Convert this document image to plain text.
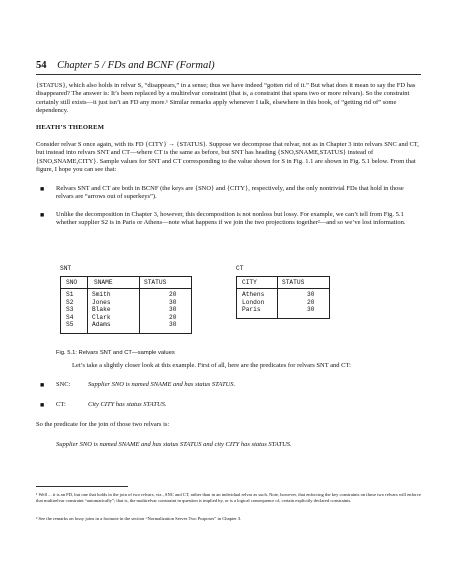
54 Chapter 5 / FDs and BCNF (Formal)
{STATUS}, which also holds in relvar S, “disappears,” in a sense; thus we have indeed “gotten rid of it.” But what does it mean to say the FD has disappeared? The answer is: It’s been replaced by a multirelvar constraint (that is, a constraint that spans two or more relvars). So the constraint certainly still exists—it just isn’t an FD any more.¹ Similar remarks apply whenever I talk, elsewhere in this book, of “getting rid of” some dependency.
HEATH’S THEOREM
Consider relvar S once again, with its FD {CITY} → {STATUS}. Suppose we decompose that relvar, not as in Chapter 3 into relvars SNC and CT, but instead into relvars SNT and CT—where CT is the same as before, but SNT has heading {SNO,SNAME,STATUS} instead of {SNO,SNAME,CITY}. Sample values for SNT and CT corresponding to the value shown for S in Fig. 1.1 are shown in Fig. 5.1 below. From that figure, I hope you can see that:
■ Relvars SNT and CT are both in BCNF (the keys are {SNO} and {CITY}, respectively, and the only nontrivial FDs that hold in those relvars are “arrows out of superkeys”).
■ Unlike the decomposition in Chapter 3, however, this decomposition is not nonloss but lossy. For example, we can’t tell from Fig. 5.1 whether supplier S2 is in Paris or Athens—note what happens if we join the two projections together²—and so we’ve lost information.
SNT
SNO	SNAME	STATUS
S1	Smith	20
S2	Jones	30
S3	Blake	30
S4	Clark	20
S5	Adams	30
CT
CITY	STATUS
Athens	30
London	20
Paris	30
Fig. 5.1: Relvars SNT and CT—sample values
Let’s take a slightly closer look at this example. First of all, here are the predicates for relvars SNT and CT:
■ SNC:	Supplier SNO is named SNAME and has status STATUS.
■ CT:	City CITY has status STATUS.
So the predicate for the join of those two relvars is:
Supplier SNO is named SNAME and has status STATUS and city CITY has status STATUS.
¹ Well ... it is an FD, but one that holds in the join of two relvars, viz., SNC and CT, rather than in an individual relvar as such. Note, however, that enforcing the key constraints on those two relvars will enforce that multirelvar constraint “automatically”; that is, the multirelvar constraint in question is implied by, or is a logical consequence of, certain explicitly declared constraints.
² See the remarks on lossy joins in a footnote in the section “Normalization Serves Two Purposes” in Chapter 3.
